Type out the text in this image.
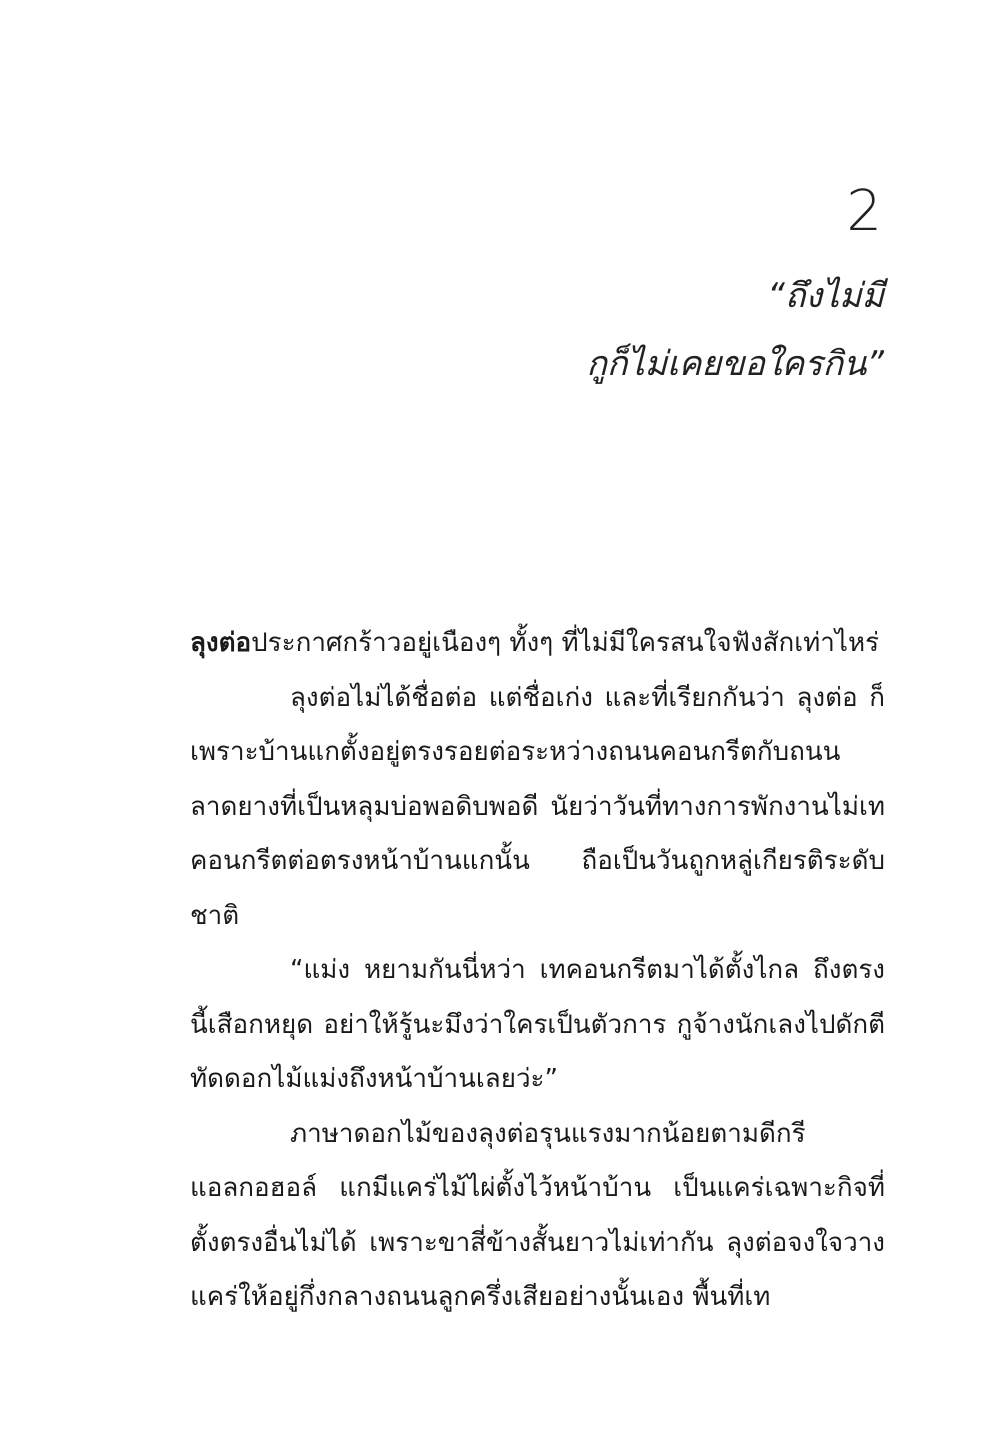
2
“ถึงไม่มี
กูก็ไม่เคยขอใครกิน”

ลุงต่อประกาศกร้าวอยู่เนืองๆ ทั้งๆ ที่ไม่มีใครสนใจฟังสักเท่าไหร่

ลุงต่อไม่ได้ชื่อต่อ แต่ชื่อเก่ง และที่เรียกกันว่า ลุงต่อ ก็เพราะบ้านแกตั้งอยู่ตรงรอยต่อระหว่างถนนคอนกรีตกับถนนลาดยางที่เป็นหลุมบ่อพอดิบพอดี นัยว่าวันที่ทางการพักงานไม่เทคอนกรีตต่อตรงหน้าบ้านแกนั้น ถือเป็นวันถูกหลู่เกียรติระดับชาติ

“แม่ง หยามกันนี่หว่า เทคอนกรีตมาได้ตั้งไกล ถึงตรงนี้เสือกหยุด อย่าให้รู้นะมึงว่าใครเป็นตัวการ กูจ้างนักเลงไปดักตีทัดดอกไม้แม่งถึงหน้าบ้านเลยว่ะ”

ภาษาดอกไม้ของลุงต่อรุนแรงมากน้อยตามดีกรีแอลกอฮอล์ แกมีแคร่ไม้ไผ่ตั้งไว้หน้าบ้าน เป็นแคร่เฉพาะกิจที่ตั้งตรงอื่นไม่ได้ เพราะขาสี่ข้างสั้นยาวไม่เท่ากัน ลุงต่อจงใจวางแคร่ให้อยู่กึ่งกลางถนนลูกครึ่งเสียอย่างนั้นเอง พื้นที่เท
